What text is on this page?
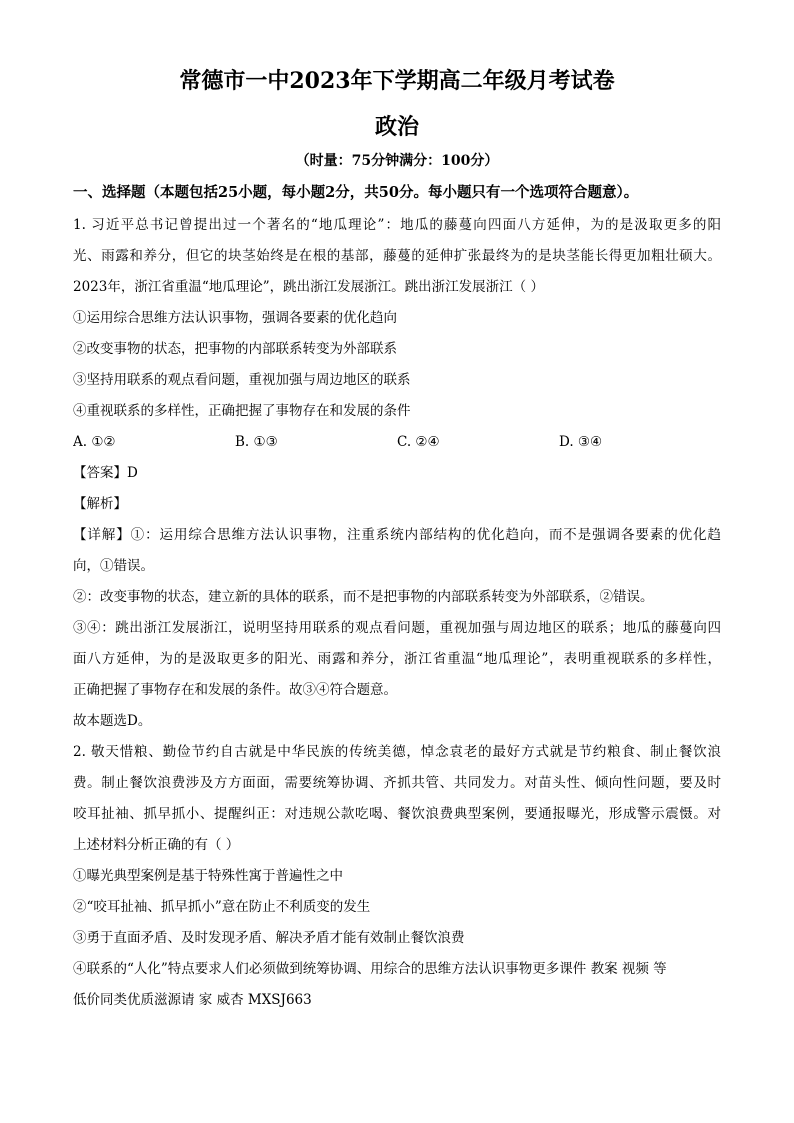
常德市一中2023年下学期高二年级月考试卷
政治
（时量：75分钟满分：100分）
一、选择题（本题包括25小题，每小题2分，共50分。每小题只有一个选项符合题意）。
1. 习近平总书记曾提出过一个著名的“地瓜理论”：地瓜的藤蔓向四面八方延伸，为的是汲取更多的阳
光、雨露和养分，但它的块茎始终是在根的基部，藤蔓的延伸扩张最终为的是块茎能长得更加粗壮硕大。
2023年，浙江省重温“地瓜理论”，跳出浙江发展浙江。跳出浙江发展浙江（ ）
①运用综合思维方法认识事物，强调各要素的优化趋向
②改变事物的状态，把事物的内部联系转变为外部联系
③坚持用联系的观点看问题，重视加强与周边地区的联系
④重视联系的多样性，正确把握了事物存在和发展的条件
A. ①②	B. ①③	C. ②④	D. ③④
【答案】D
【解析】
【详解】①：运用综合思维方法认识事物，注重系统内部结构的优化趋向，而不是强调各要素的优化趋
向，①错误。
②：改变事物的状态，建立新的具体的联系，而不是把事物的内部联系转变为外部联系，②错误。
③④：跳出浙江发展浙江，说明坚持用联系的观点看问题，重视加强与周边地区的联系；地瓜的藤蔓向四
面八方延伸，为的是汲取更多的阳光、雨露和养分，浙江省重温“地瓜理论”，表明重视联系的多样性，
正确把握了事物存在和发展的条件。故③④符合题意。
故本题选D。
2. 敬天惜粮、勤俭节约自古就是中华民族的传统美德，悼念袁老的最好方式就是节约粮食、制止餐饮浪
费。制止餐饮浪费涉及方方面面，需要统筹协调、齐抓共管、共同发力。对苗头性、倾向性问题，要及时
咬耳扯袖、抓早抓小、提醒纠正：对违规公款吃喝、餐饮浪费典型案例，要通报曝光，形成警示震慑。对
上述材料分析正确的有（ ）
①曝光典型案例是基于特殊性寓于普遍性之中
②“咬耳扯袖、抓早抓小”意在防止不利质变的发生
③勇于直面矛盾、及时发现矛盾、解决矛盾才能有效制止餐饮浪费
④联系的“人化”特点要求人们必须做到统筹协调、用综合的思维方法认识事物更多课件 教案 视频 等
低价同类优质滋源请 家 威杏 MXSJ663
